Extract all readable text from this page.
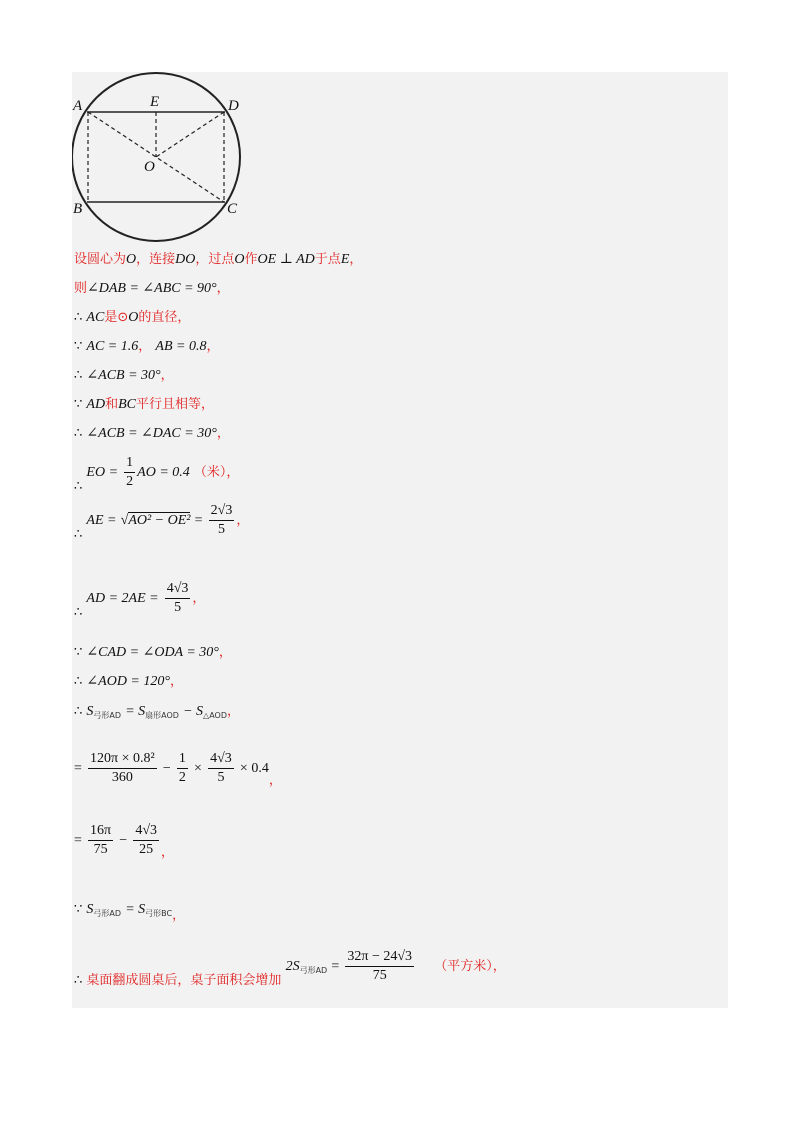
A	E	D
O
B	C
设圆心为O，连接DO，过点O作OE ⊥ AD于点E，
则∠DAB = ∠ABC = 90°，
∴ AC是⊙O的直径，
∵ AC = 1.6， AB = 0.8，
∴ ∠ACB = 30°，
∵ AD和BC平行且相等，
∴ ∠ACB = ∠DAC = 30°，
∴ EO = $\frac{1}{2}$ AO = 0.4 （米），
∴ AE = $√AO^2 - OE^2 = \frac{2√3}{5}$ ，
∴ AD = $2AE = \frac{4√3}{5}$ ，
∵ ∠CAD = ∠ODA = 30°，
∴ ∠AOD = 120°，
∴ $S_{弓形AD} = S_{扇形AOD} - S_{\triangle AOD}$，
= $\frac{\text{120π × 0.8²}}{360} - \frac{1}{2} \times \frac{4√3}{5} \times 0.4$，
= $\frac{16\pi}{75} - \frac{4√3}{25}$ ，
∵ $S_{弓形AD} = S_{弓形BC}$，
∴ 桌面翻成圆桌后，桌子面积会增加 $2S_{弓形AD} = \frac{32\pi - 24√3}{75}$ （平方米），
